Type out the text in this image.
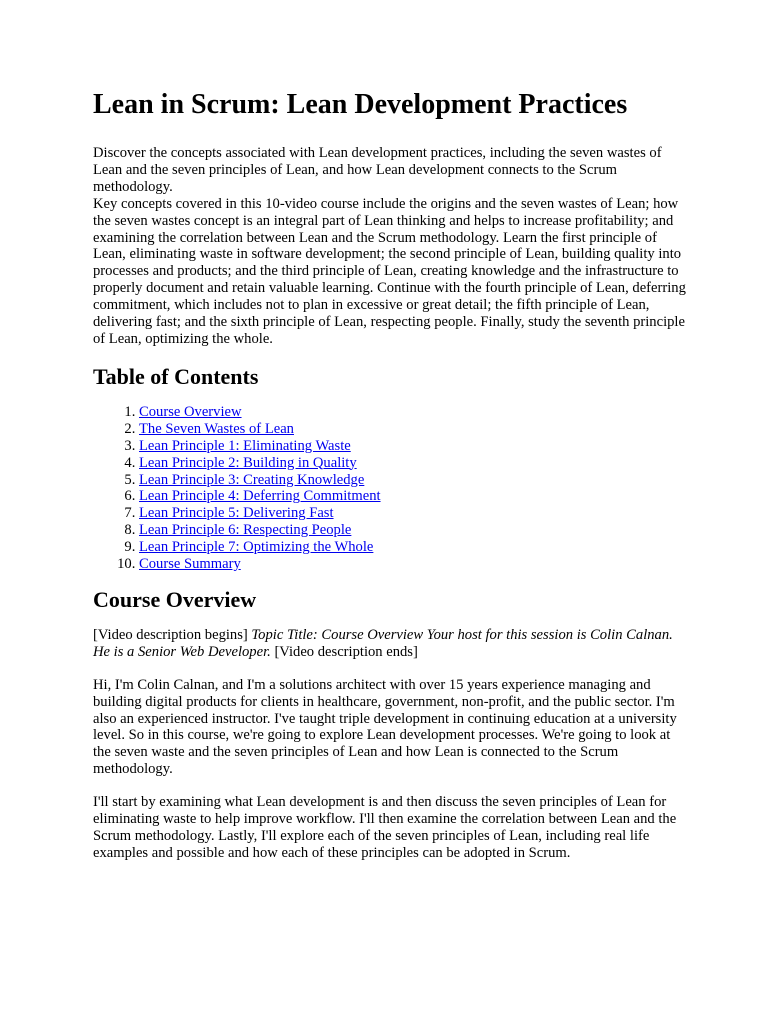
Lean in Scrum: Lean Development Practices

Discover the concepts associated with Lean development practices, including the seven wastes of Lean and the seven principles of Lean, and how Lean development connects to the Scrum methodology.

Key concepts covered in this 10-video course include the origins and the seven wastes of Lean; how the seven wastes concept is an integral part of Lean thinking and helps to increase profitability; and examining the correlation between Lean and the Scrum methodology. Learn the first principle of Lean, eliminating waste in software development; the second principle of Lean, building quality into processes and products; and the third principle of Lean, creating knowledge and the infrastructure to properly document and retain valuable learning. Continue with the fourth principle of Lean, deferring commitment, which includes not to plan in excessive or great detail; the fifth principle of Lean, delivering fast; and the sixth principle of Lean, respecting people. Finally, study the seventh principle of Lean, optimizing the whole.

Table of Contents
1. Course Overview
2. The Seven Wastes of Lean
3. Lean Principle 1: Eliminating Waste
4. Lean Principle 2: Building in Quality
5. Lean Principle 3: Creating Knowledge
6. Lean Principle 4: Deferring Commitment
7. Lean Principle 5: Delivering Fast
8. Lean Principle 6: Respecting People
9. Lean Principle 7: Optimizing the Whole
10. Course Summary
Course Overview

[Video description begins] Topic Title: Course Overview Your host for this session is Colin Calnan. He is a Senior Web Developer. [Video description ends]

Hi, I'm Colin Calnan, and I'm a solutions architect with over 15 years experience managing and building digital products for clients in healthcare, government, non-profit, and the public sector. I'm also an experienced instructor. I've taught triple development in continuing education at a university level. So in this course, we're going to explore Lean development processes. We're going to look at the seven waste and the seven principles of Lean and how Lean is connected to the Scrum methodology.

I'll start by examining what Lean development is and then discuss the seven principles of Lean for eliminating waste to help improve workflow. I'll then examine the correlation between Lean and the Scrum methodology. Lastly, I'll explore each of the seven principles of Lean, including real life examples and possible and how each of these principles can be adopted in Scrum.
